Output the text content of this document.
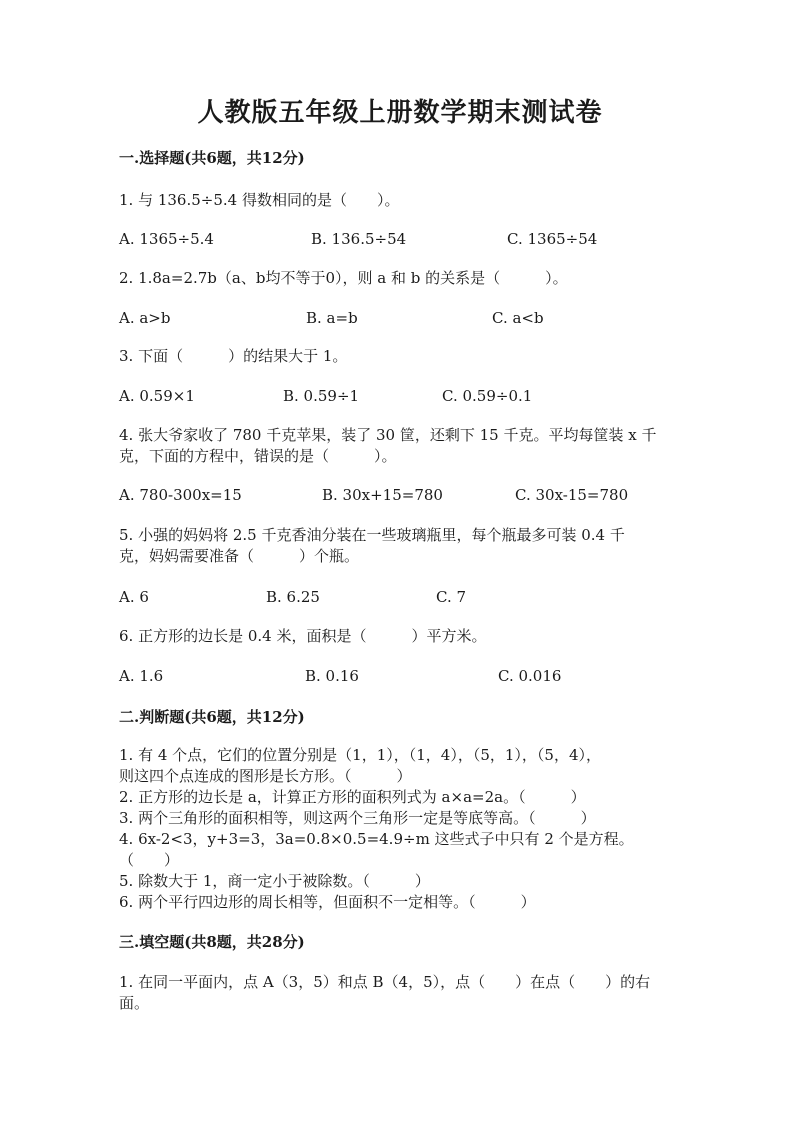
人教版五年级上册数学期末测试卷
一.选择题(共6题，共12分)
1. 与 136.5÷5.4 得数相同的是（　　）。
A. 1365÷5.4	B. 136.5÷54	C. 1365÷54
2. 1.8a=2.7b（a、b均不等于0），则 a 和 b 的关系是（　　　）。
A. a>b	B. a=b	C. a<b
3. 下面（　　　）的结果大于 1。
A. 0.59×1	B. 0.59÷1	C. 0.59÷0.1
4. 张大爷家收了 780 千克苹果，装了 30 筐，还剩下 15 千克。平均每筐装 x 千
克，下面的方程中，错误的是（　　　）。
A. 780-300x=15	B. 30x+15=780	C. 30x-15=780
5. 小强的妈妈将 2.5 千克香油分装在一些玻璃瓶里，每个瓶最多可装 0.4 千
克，妈妈需要准备（　　　）个瓶。
A. 6	B. 6.25	C. 7
6. 正方形的边长是 0.4 米，面积是（　　　）平方米。
A. 1.6	B. 0.16	C. 0.016
二.判断题(共6题，共12分)
1. 有 4 个点，它们的位置分别是（1，1），（1，4），（5，1），（5，4），
则这四个点连成的图形是长方形。（　　　）
2. 正方形的边长是 a，计算正方形的面积列式为 a×a=2a。（　　　）
3. 两个三角形的面积相等，则这两个三角形一定是等底等高。（　　　）
4. 6x-2<3，y+3=3，3a=0.8×0.5=4.9÷m 这些式子中只有 2 个是方程。
（　　）
5. 除数大于 1，商一定小于被除数。（　　　）
6. 两个平行四边形的周长相等，但面积不一定相等。（　　　）
三.填空题(共8题，共28分)
1. 在同一平面内，点 A（3，5）和点 B（4，5），点（　　）在点（　　）的右
面。
